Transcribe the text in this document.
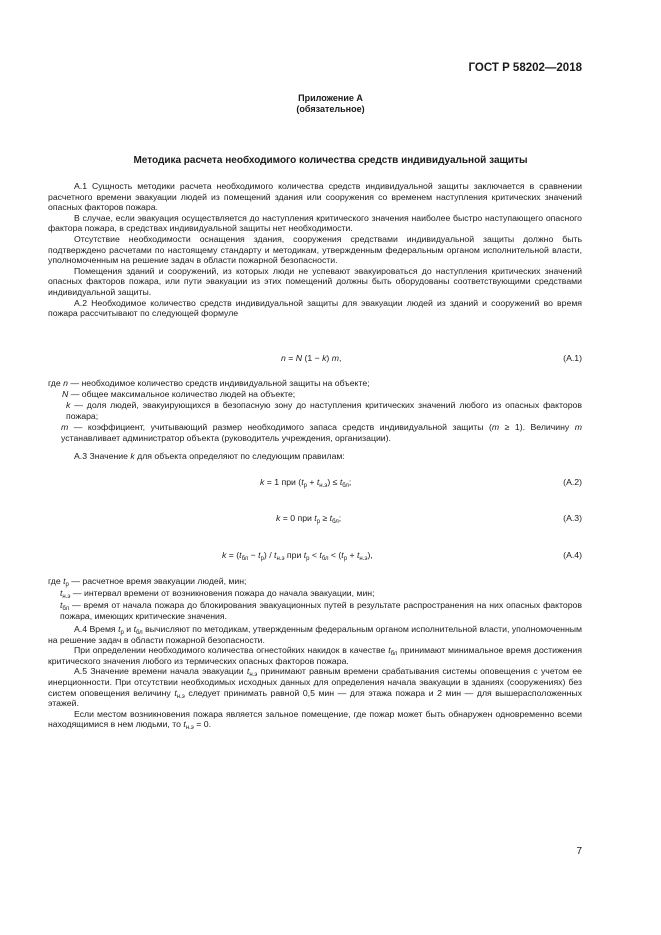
ГОСТ Р 58202—2018
Приложение А
(обязательное)
Методика расчета необходимого количества средств индивидуальной защиты

А.1 Сущность методики расчета необходимого количества средств индивидуальной защиты заключается в сравнении расчетного времени эвакуации людей из помещений здания или сооружения со временем наступления критических значений опасных факторов пожара.

В случае, если эвакуация осуществляется до наступления критического значения наиболее быстро наступающего опасного фактора пожара, в средствах индивидуальной защиты нет необходимости.

Отсутствие необходимости оснащения здания, сооружения средствами индивидуальной защиты должно быть подтверждено расчетами по настоящему стандарту и методикам, утвержденным федеральным органом исполнительной власти, уполномоченным на решение задач в области пожарной безопасности.

Помещения зданий и сооружений, из которых люди не успевают эвакуироваться до наступления критических значений опасных факторов пожара, или пути эвакуации из этих помещений должны быть оборудованы соответствующими средствами индивидуальной защиты.

А.2 Необходимое количество средств индивидуальной защиты для эвакуации людей из зданий и сооружений во время пожара рассчитывают по следующей формуле

n = N (1 − k) m,	(А.1)
где n — необходимое количество средств индивидуальной защиты на объекте;
N — общее максимальное количество людей на объекте;
k — доля людей, эвакуирующихся в безопасную зону до наступления критических значений любого из опасных факторов пожара;
m — коэффициент, учитывающий размер необходимого запаса средств индивидуальной защиты (m ≥ 1). Величину m устанавливает администратор объекта (руководитель учреждения, организации).
А.3 Значение k для объекта определяют по следующим правилам:
k = 1 при $(t_р + t_{н.э}) \le t_{бл}$;	(А.2)
k = 0 при $t_р \ge t_{бл}$;	(А.3)
$k = (t_{бл} - t_р) / t_{н.э}$ при $t_р < t_{бл} < (t_р + t_{н.э})$,	(А.4)
где $t_р$ — расчетное время эвакуации людей, мин;
$t_{н.э}$ — интервал времени от возникновения пожара до начала эвакуации, мин;
$t_{бл}$ — время от начала пожара до блокирования эвакуационных путей в результате распространения на них опасных факторов пожара, имеющих критические значения.

А.4 Время $t_р$ и $t_{бл}$ вычисляют по методикам, утвержденным федеральным органом исполнительной власти, уполномоченным на решение задач в области пожарной безопасности.

При определении необходимого количества огнестойких накидок в качестве $t_{бл}$ принимают минимальное время достижения критического значения любого из термических опасных факторов пожара.

А.5 Значение времени начала эвакуации $t_{н.э}$ принимают равным времени срабатывания системы оповещения с учетом ее инерционности. При отсутствии необходимых исходных данных для определения начала эвакуации в зданиях (сооружениях) без систем оповещения величину $t_{н.э}$ следует принимать равной 0,5 мин — для этажа пожара и 2 мин — для вышерасположенных этажей.

Если местом возникновения пожара является зальное помещение, где пожар может быть обнаружен одновременно всеми находящимися в нем людьми, то $t_{н.э} = 0$.

7
